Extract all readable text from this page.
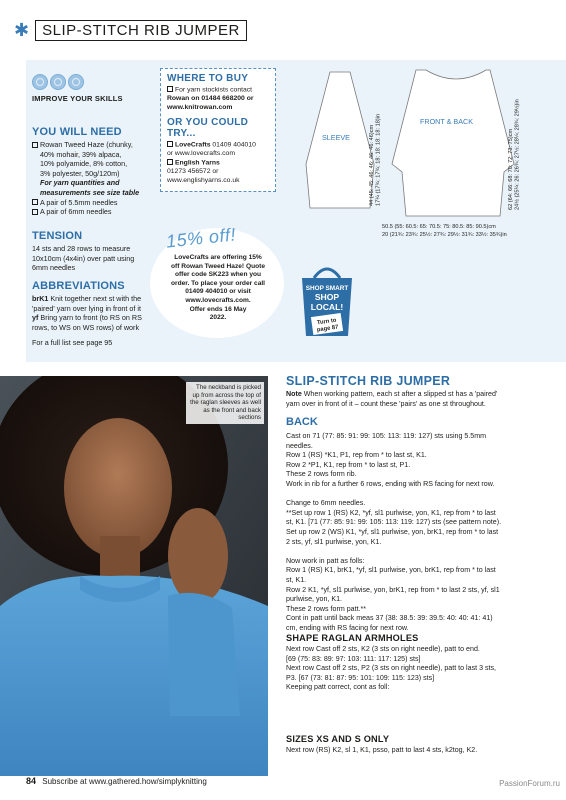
✱ SLIP-STITCH RIB JUMPER
IMPROVE YOUR SKILLS
YOU WILL NEED
Rowan Tweed Haze (chunky,
40% mohair, 39% alpaca,
10% polyamide, 8% cotton,
3% polyester, 50g/120m)
For yarn quantities and
measurements see size table
A pair of 5.5mm needles
A pair of 6mm needles
TENSION
14 sts and 28 rows to measure
10x10cm (4x4in) over patt using
6mm needles
ABBREVIATIONS
brK1 Knit together next st with the
'paired' yarn over lying in front of it
yf Bring yarn to front (to RS on RS
rows, to WS on WS rows) of work
For a full list see page 95
WHERE TO BUY

For yarn stockists contact

Rowan on 01484 668200 or

www.knitrowan.com

OR YOU COULD TRY...

LoveCrafts 01409 404010

or www.lovecrafts.com

English Yarns

01273 456572 or

www.englishyarns.co.uk

15% off!
LoveCrafts are offering 15%
off Rowan Tweed Haze! Quote
offer code SK223 when you
order. To place your order call
01409 404010 or visit
www.lovecrafts.com.
Offer ends 16 May
2022.
SLEEVE	44 (45: 45: 46: 46: 46: 46: 46)cm 17¼ (17¾: 17¾: 18: 18: 18: 18: 18)in	FRONT & BACK
62 (64: 66: 68: 70: 72: 73: 75)cm 24½ (25¼: 26: 26¾: 27½: 28¼: 28¾: 29½)in
50.5 (55: 60.5: 65: 70.5: 75: 80.5: 85: 90.5)cm
20 (21¾: 23¾: 25½: 27¾: 29½: 31¾: 33½: 35¾)in
SHOP SMART
SHOP
LOCAL!
Turn to
page 87
The neckband is picked up from across the top of the raglan sleeves as well as the front and back sections
SLIP-STITCH RIB JUMPER
Note When working pattern, each st after a slipped st has a 'paired'
yarn over in front of it – count these 'pairs' as one st throughout.
BACK
Cast on 71 (77: 85: 91: 99: 105: 113: 119: 127) sts using 5.5mm
needles.
Row 1 (RS) *K1, P1, rep from * to last st, K1.
Row 2 *P1, K1, rep from * to last st, P1.
These 2 rows form rib.
Work in rib for a further 6 rows, ending with RS facing for next row.

Change to 6mm needles.
**Set up row 1 (RS) K2, *yf, sl1 purlwise, yon, K1, rep from * to last
st, K1. [71 (77: 85: 91: 99: 105: 113: 119: 127) sts (see pattern note).
Set up row 2 (WS) K1, *yf, sl1 purlwise, yon, brK1, rep from * to last
2 sts, yf, sl1 purlwise, yon, K1.

Now work in patt as folls:
Row 1 (RS) K1, brK1, *yf, sl1 purlwise, yon, brK1, rep from * to last
st, K1.
Row 2 K1, *yf, sl1 purlwise, yon, brK1, rep from * to last 2 sts, yf, sl1
purlwise, yon, K1.
These 2 rows form patt.**
Cont in patt until back meas 37 (38: 38.5: 39: 39.5: 40: 40: 41: 41)
cm, ending with RS facing for next row.
SHAPE RAGLAN ARMHOLES
Next row Cast off 2 sts, K2 (3 sts on right needle), patt to end.
[69 (75: 83: 89: 97: 103: 111: 117: 125) sts]
Next row Cast off 2 sts, P2 (3 sts on right needle), patt to last 3 sts,
P3. [67 (73: 81: 87: 95: 101: 109: 115: 123) sts]
Keeping patt correct, cont as foll:
SIZES XS AND S ONLY
Next row (RS) K2, sl 1, K1, psso, patt to last 4 sts, k2tog, K2.
84 Subscribe at www.gathered.how/simplyknitting	PassionForum.ru
